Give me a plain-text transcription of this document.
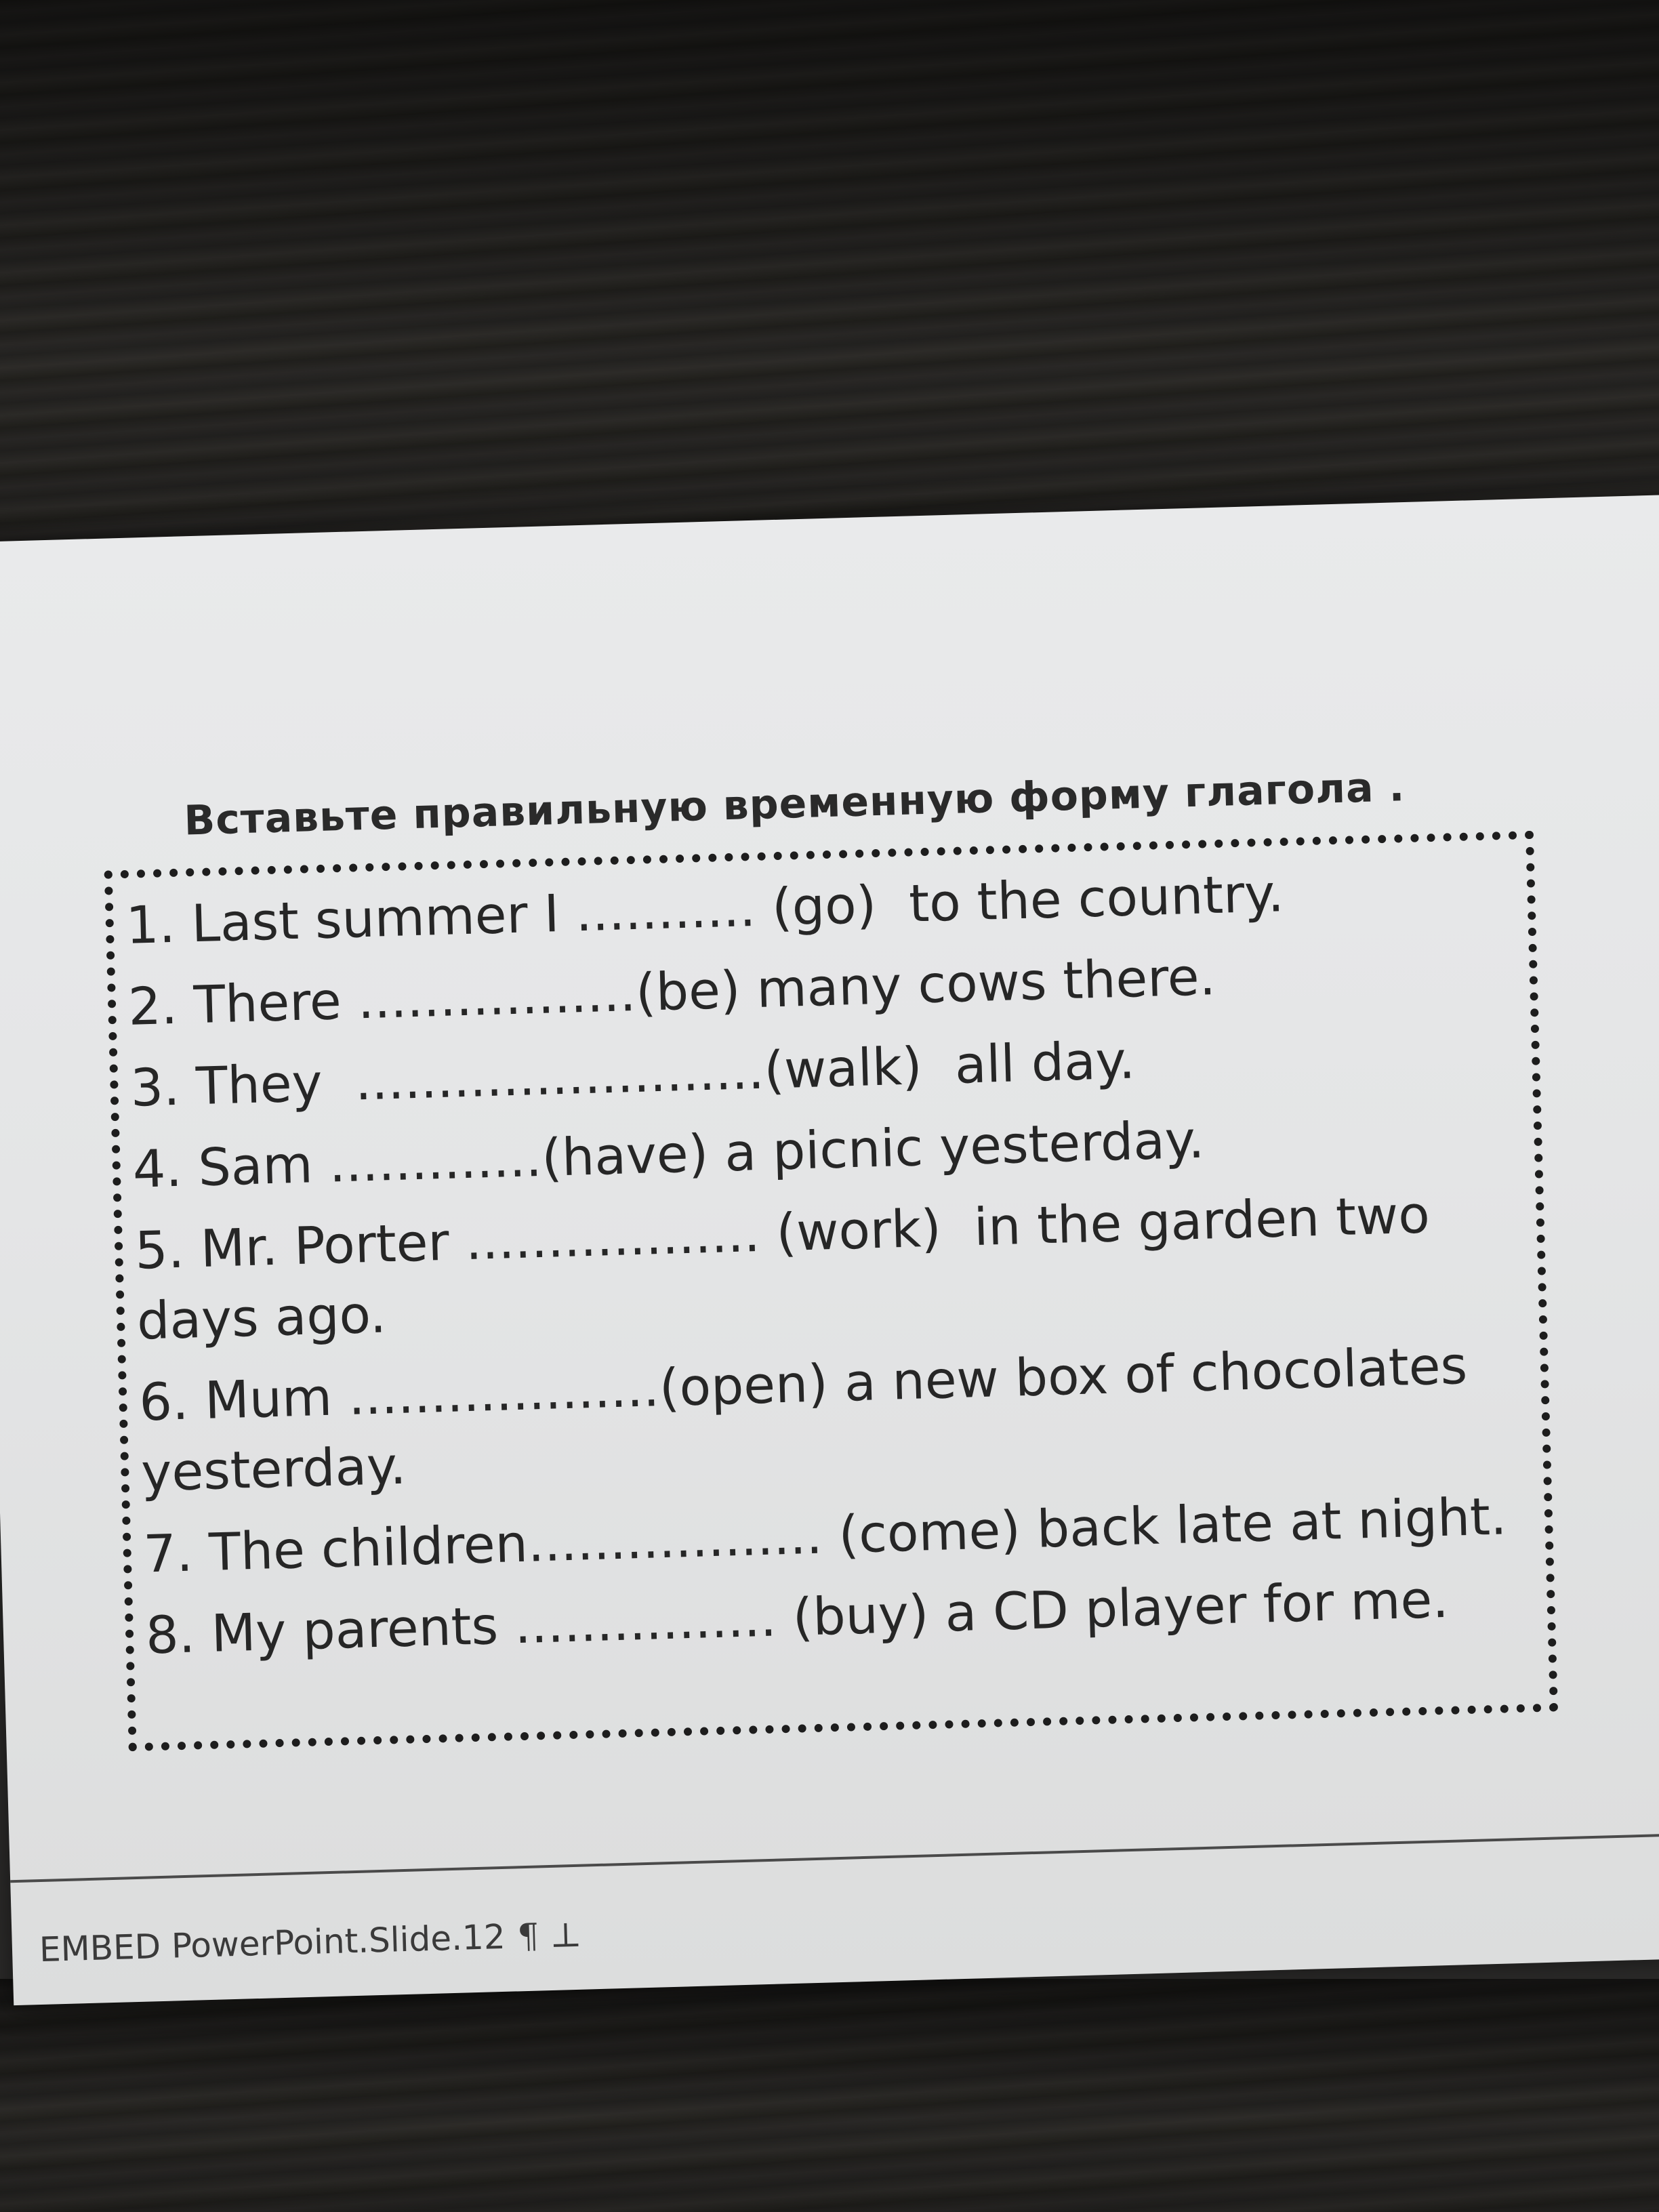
Вставьте правильную временную форму глагола .
1. Last summer I ........... (go)  to the country.
2. There .................(be) many cows there.
3. They  .........................(walk)  all day.
4. Sam .............(have) a picnic yesterday.
5. Mr. Porter .................. (work)  in the garden two
days ago.
6. Mum ...................(open) a new box of chocolates
yesterday.
7. The children.................. (come) back late at night.
8. My parents ................ (buy) a CD player for me.
EMBED PowerPoint.Slide.12 ¶ ⊥
